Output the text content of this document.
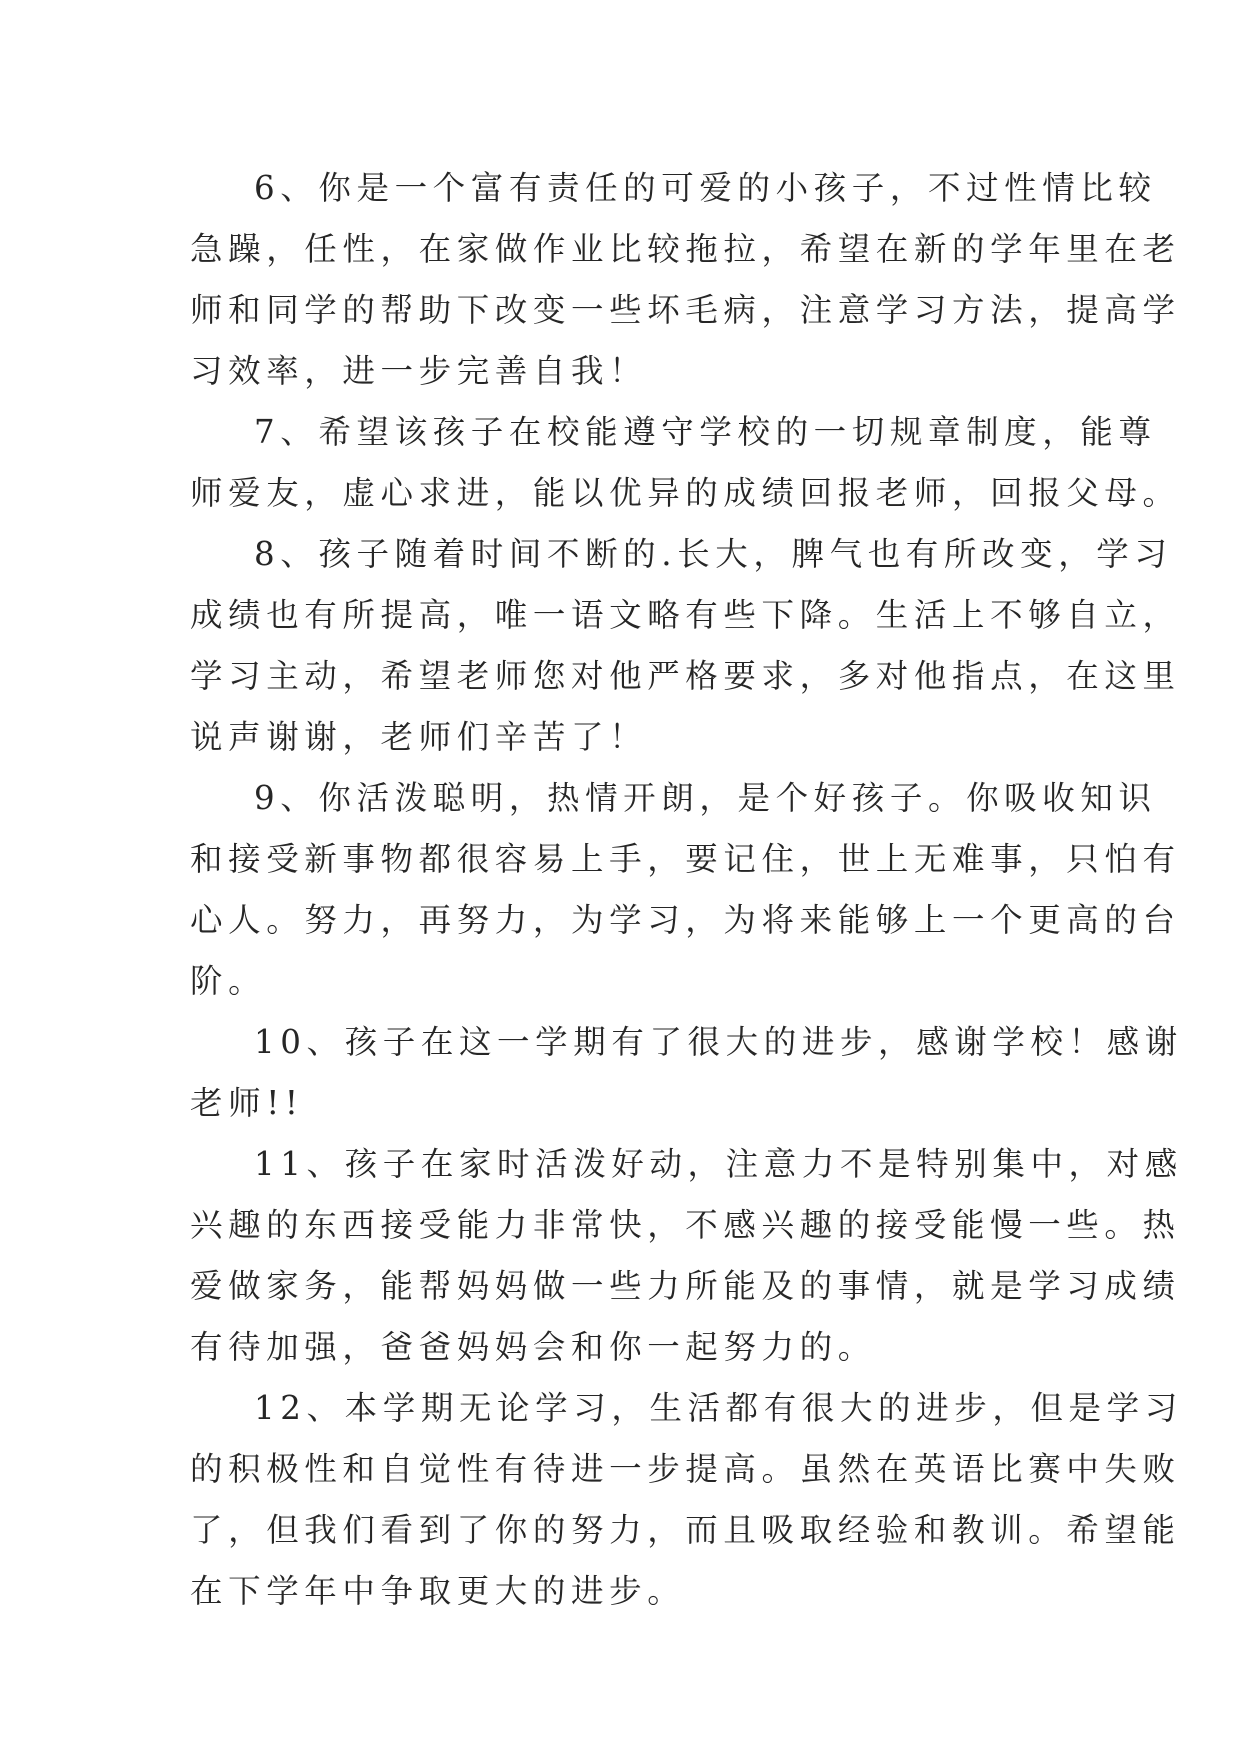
6、你是一个富有责任的可爱的小孩子，不过性情比较
急躁，任性，在家做作业比较拖拉，希望在新的学年里在老
师和同学的帮助下改变一些坏毛病，注意学习方法，提高学
习效率，进一步完善自我！

7、希望该孩子在校能遵守学校的一切规章制度，能尊
师爱友，虚心求进，能以优异的成绩回报老师，回报父母。

8、孩子随着时间不断的.长大，脾气也有所改变，学习
成绩也有所提高，唯一语文略有些下降。生活上不够自立，
学习主动，希望老师您对他严格要求，多对他指点，在这里
说声谢谢，老师们辛苦了！

9、你活泼聪明，热情开朗，是个好孩子。你吸收知识
和接受新事物都很容易上手，要记住，世上无难事，只怕有
心人。努力，再努力，为学习，为将来能够上一个更高的台
阶。

10、孩子在这一学期有了很大的进步，感谢学校！感谢
老师!!

11、孩子在家时活泼好动，注意力不是特别集中，对感
兴趣的东西接受能力非常快，不感兴趣的接受能慢一些。热
爱做家务，能帮妈妈做一些力所能及的事情，就是学习成绩
有待加强，爸爸妈妈会和你一起努力的。

12、本学期无论学习，生活都有很大的进步，但是学习
的积极性和自觉性有待进一步提高。虽然在英语比赛中失败
了，但我们看到了你的努力，而且吸取经验和教训。希望能
在下学年中争取更大的进步。
